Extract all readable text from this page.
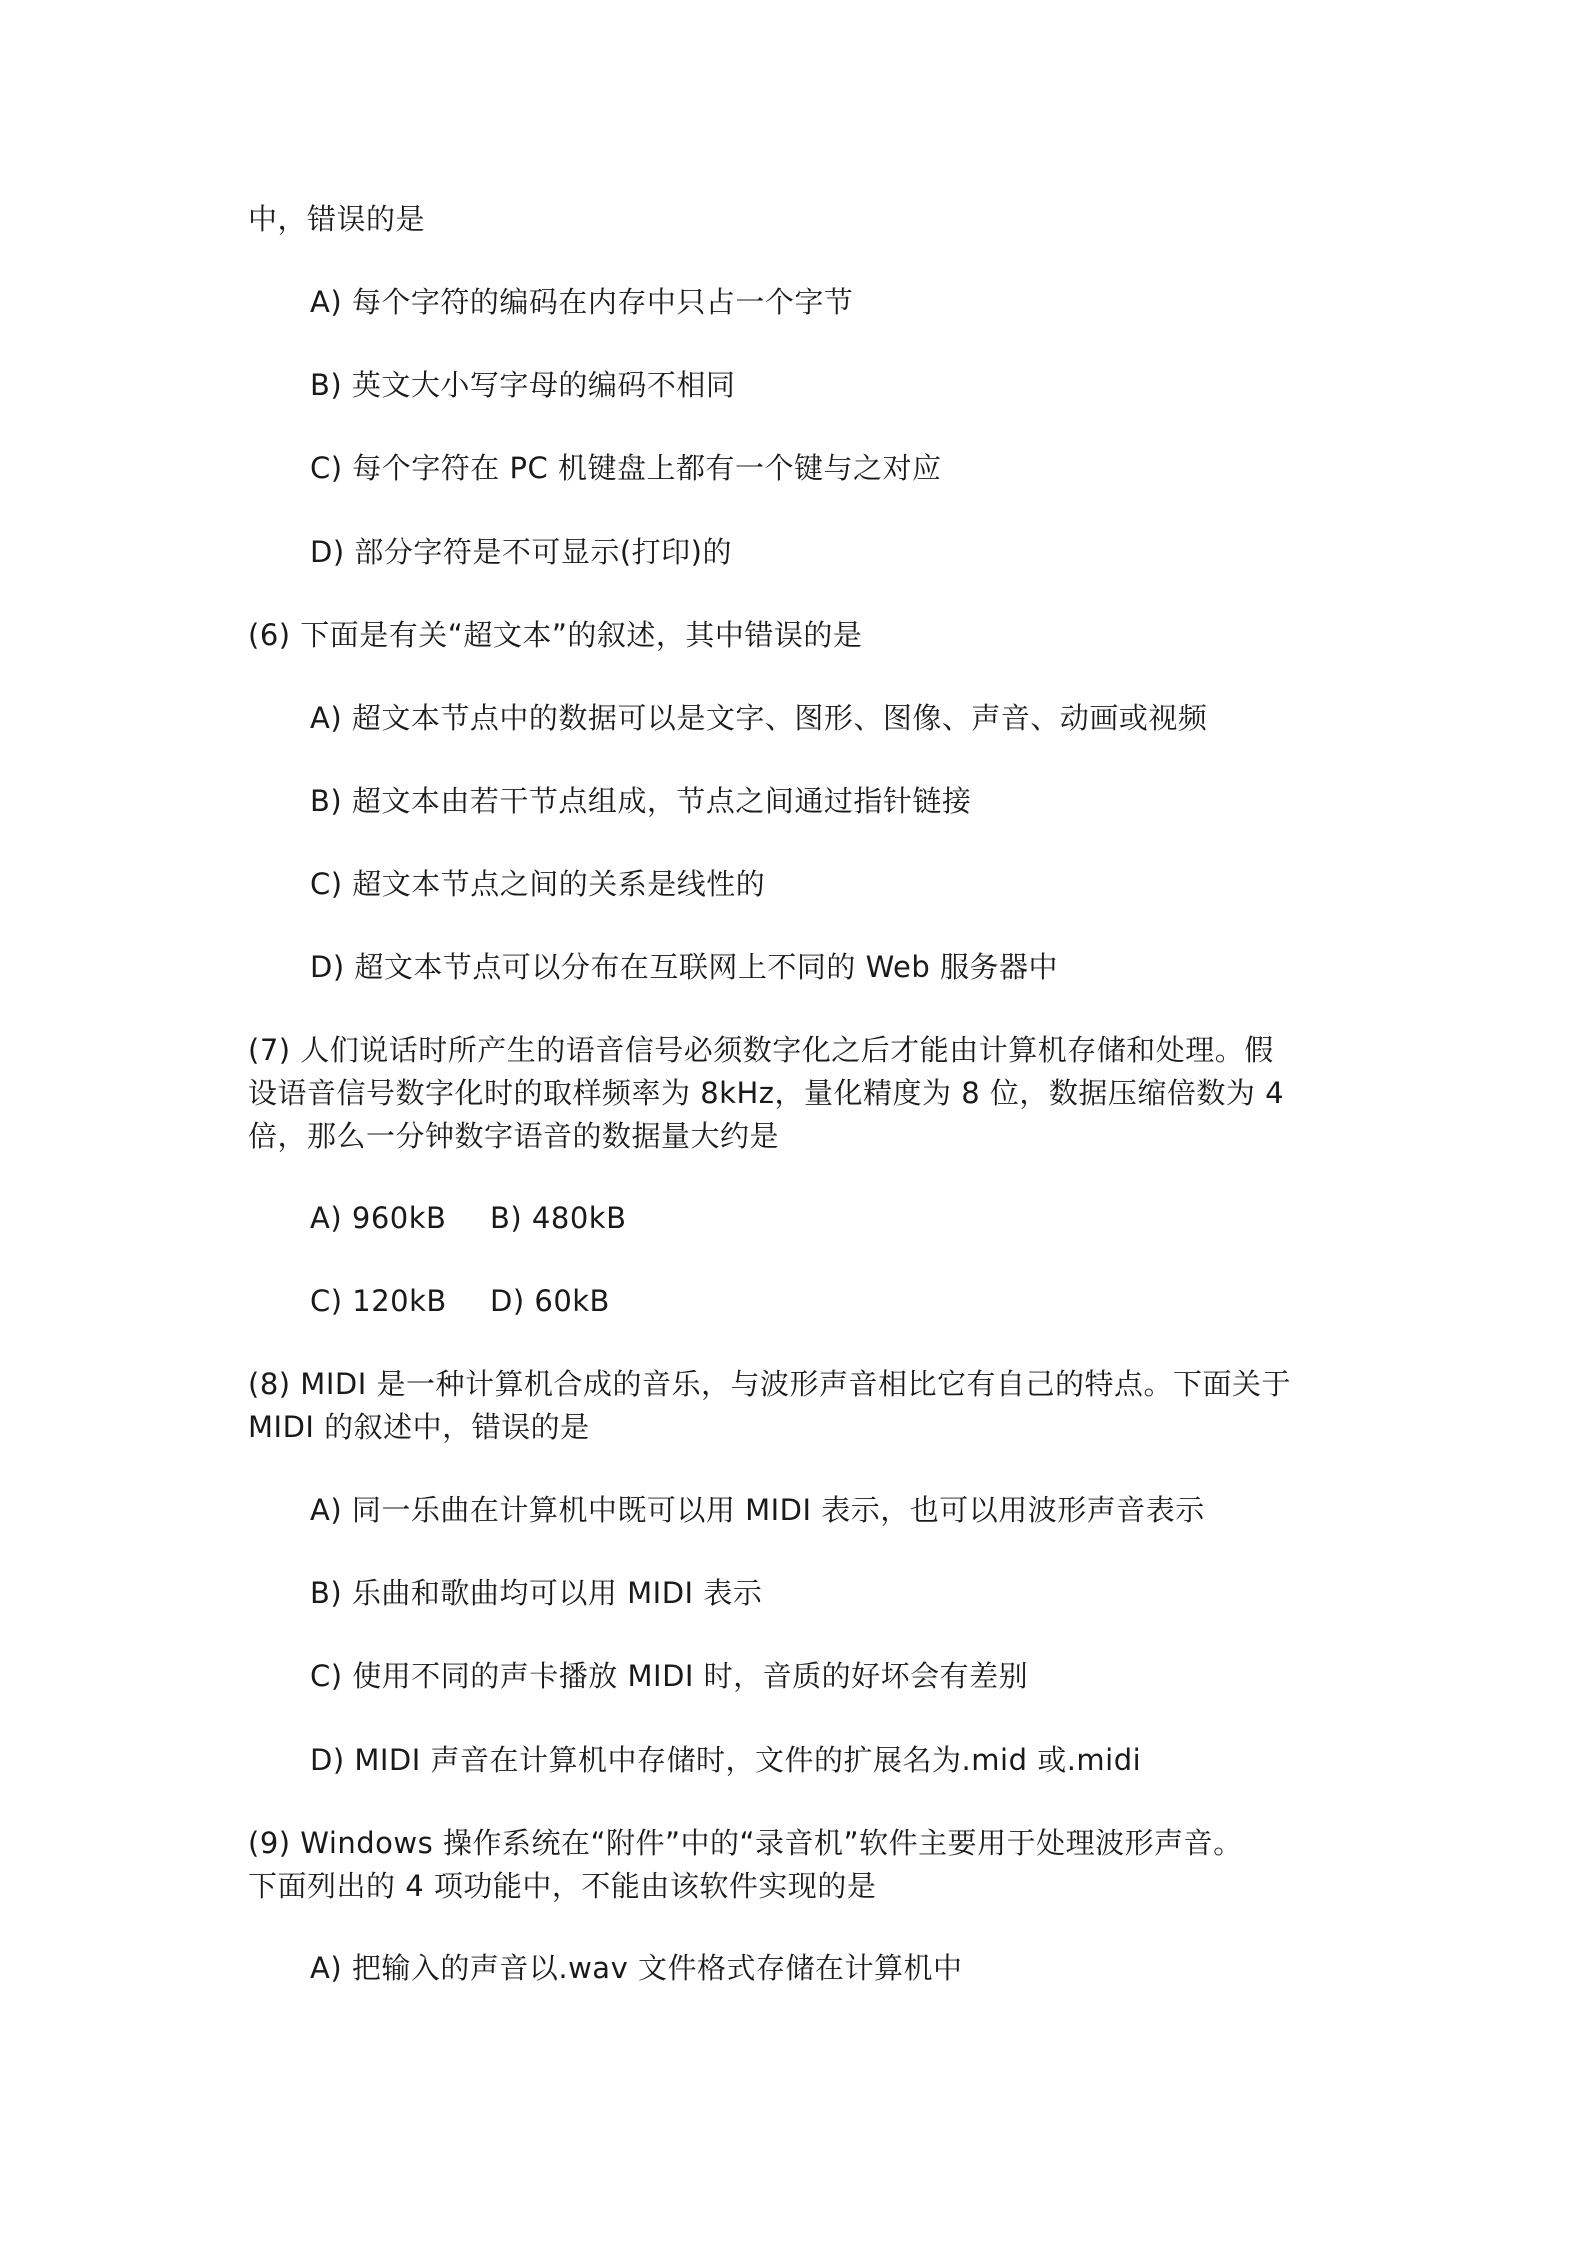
中，错误的是
A) 每个字符的编码在内存中只占一个字节
B) 英文大小写字母的编码不相同
C) 每个字符在 PC 机键盘上都有一个键与之对应
D) 部分字符是不可显示(打印)的
(6) 下面是有关“超文本”的叙述，其中错误的是
A) 超文本节点中的数据可以是文字、图形、图像、声音、动画或视频
B) 超文本由若干节点组成，节点之间通过指针链接
C) 超文本节点之间的关系是线性的
D) 超文本节点可以分布在互联网上不同的 Web 服务器中
(7) 人们说话时所产生的语音信号必须数字化之后才能由计算机存储和处理。假
设语音信号数字化时的取样频率为 8kHz，量化精度为 8 位，数据压缩倍数为 4
倍，那么一分钟数字语音的数据量大约是
A) 960kB B) 480kB
C) 120kB D) 60kB
(8) MIDI 是一种计算机合成的音乐，与波形声音相比它有自己的特点。下面关于
MIDI 的叙述中，错误的是
A) 同一乐曲在计算机中既可以用 MIDI 表示，也可以用波形声音表示
B) 乐曲和歌曲均可以用 MIDI 表示
C) 使用不同的声卡播放 MIDI 时，音质的好坏会有差别
D) MIDI 声音在计算机中存储时，文件的扩展名为.mid 或.midi
(9) Windows 操作系统在“附件”中的“录音机”软件主要用于处理波形声音。
下面列出的 4 项功能中，不能由该软件实现的是
A) 把输入的声音以.wav 文件格式存储在计算机中
